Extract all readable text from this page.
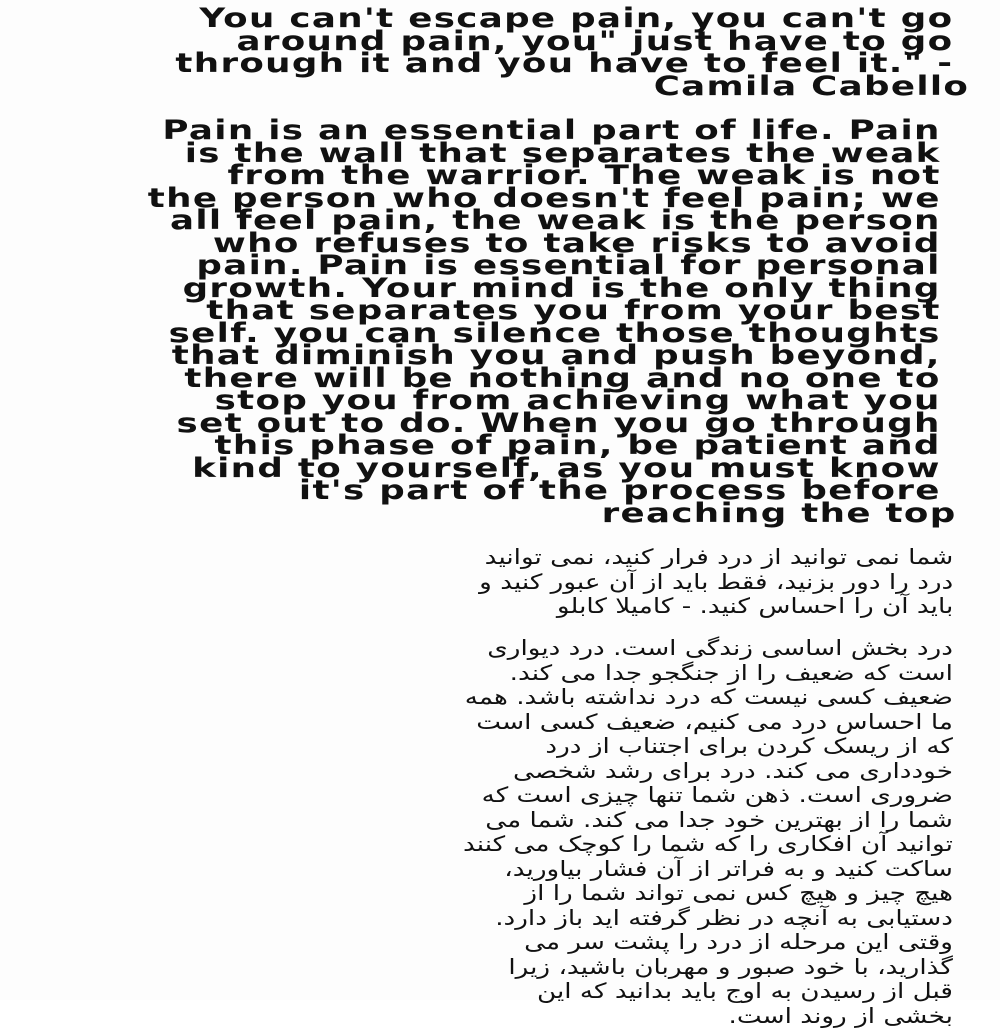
You can't escape pain, you can't go
around pain, you" just have to go
through it and you have to feel it." -
Camila Cabello
Pain is an essential part of life. Pain
is the wall that separates the weak
from the warrior. The weak is not
the person who doesn't feel pain; we
all feel pain, the weak is the person
who refuses to take risks to avoid
pain. Pain is essential for personal
growth. Your mind is the only thing
that separates you from your best
self. you can silence those thoughts
that diminish you and push beyond,
there will be nothing and no one to
stop you from achieving what you
set out to do. When you go through
this phase of pain, be patient and
kind to yourself, as you must know
it's part of the process before
reaching the top
شما نمی توانید از درد فرار کنید، نمی توانید
درد را دور بزنید، فقط باید از آن عبور کنید و
باید آن را احساس کنید. - کامیلا کابلو
درد بخش اساسی زندگی است. درد دیواری
است که ضعیف را از جنگجو جدا می کند.
ضعیف کسی نیست که درد نداشته باشد. همه
ما احساس درد می کنیم، ضعیف کسی است
که از ریسک کردن برای اجتناب از درد
خودداری می کند. درد برای رشد شخصی
ضروری است. ذهن شما تنها چیزی است که
شما را از بهترین خود جدا می کند. شما می
توانید آن افکاری را که شما را کوچک می کنند
ساکت کنید و به فراتر از آن فشار بیاورید،
هیچ چیز و هیچ کس نمی تواند شما را از
دستیابی به آنچه در نظر گرفته اید باز دارد.
وقتی این مرحله از درد را پشت سر می
گذارید، با خود صبور و مهربان باشید، زیرا
قبل از رسیدن به اوج باید بدانید که این
بخشی از روند است.
